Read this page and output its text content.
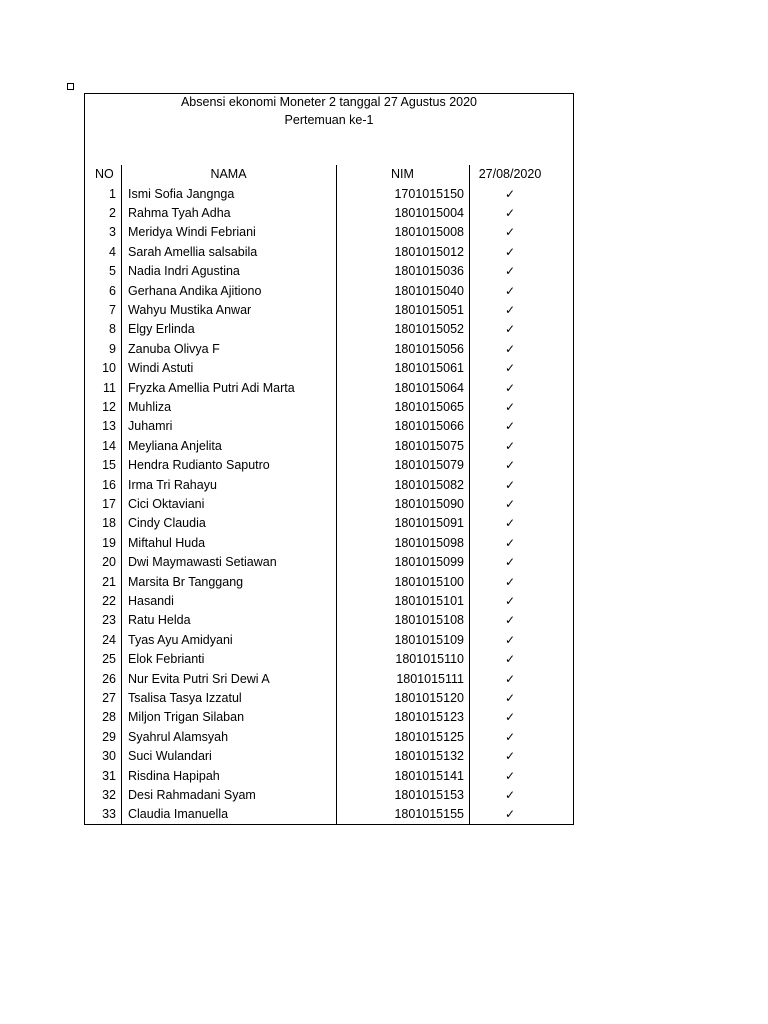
Absensi ekonomi Moneter 2 tanggal 27 Agustus 2020
Pertemuan ke-1
NO	NAMA	NIM	27/08/2020
1 Ismi Sofia Jangnga	1701015150	✓
2 Rahma Tyah Adha	1801015004	✓
3 Meridya Windi Febriani	1801015008	✓
4 Sarah Amellia salsabila	1801015012	✓
5 Nadia Indri Agustina	1801015036	✓
6 Gerhana Andika Ajitiono	1801015040	✓
7 Wahyu Mustika Anwar	1801015051	✓
8 Elgy Erlinda	1801015052	✓
9 Zanuba Olivya F	1801015056	✓
10 Windi Astuti	1801015061	✓
11 Fryzka Amellia Putri Adi Marta	1801015064	✓
12 Muhliza	1801015065	✓
13 Juhamri	1801015066	✓
14 Meyliana Anjelita	1801015075	✓
15 Hendra Rudianto Saputro	1801015079	✓
16 Irma Tri Rahayu	1801015082	✓
17 Cici Oktaviani	1801015090	✓
18 Cindy Claudia	1801015091	✓
19 Miftahul Huda	1801015098	✓
20 Dwi Maymawasti Setiawan	1801015099	✓
21 Marsita Br Tanggang	1801015100	✓
22 Hasandi	1801015101	✓
23 Ratu Helda	1801015108	✓
24 Tyas Ayu Amidyani	1801015109	✓
25 Elok Febrianti	1801015110	✓
26 Nur Evita Putri Sri Dewi A	1801015111	✓
27 Tsalisa Tasya Izzatul	1801015120	✓
28 Miljon Trigan Silaban	1801015123	✓
29 Syahrul Alamsyah	1801015125	✓
30 Suci Wulandari	1801015132	✓
31 Risdina Hapipah	1801015141	✓
32 Desi Rahmadani Syam	1801015153	✓
33 Claudia Imanuella	1801015155	✓
